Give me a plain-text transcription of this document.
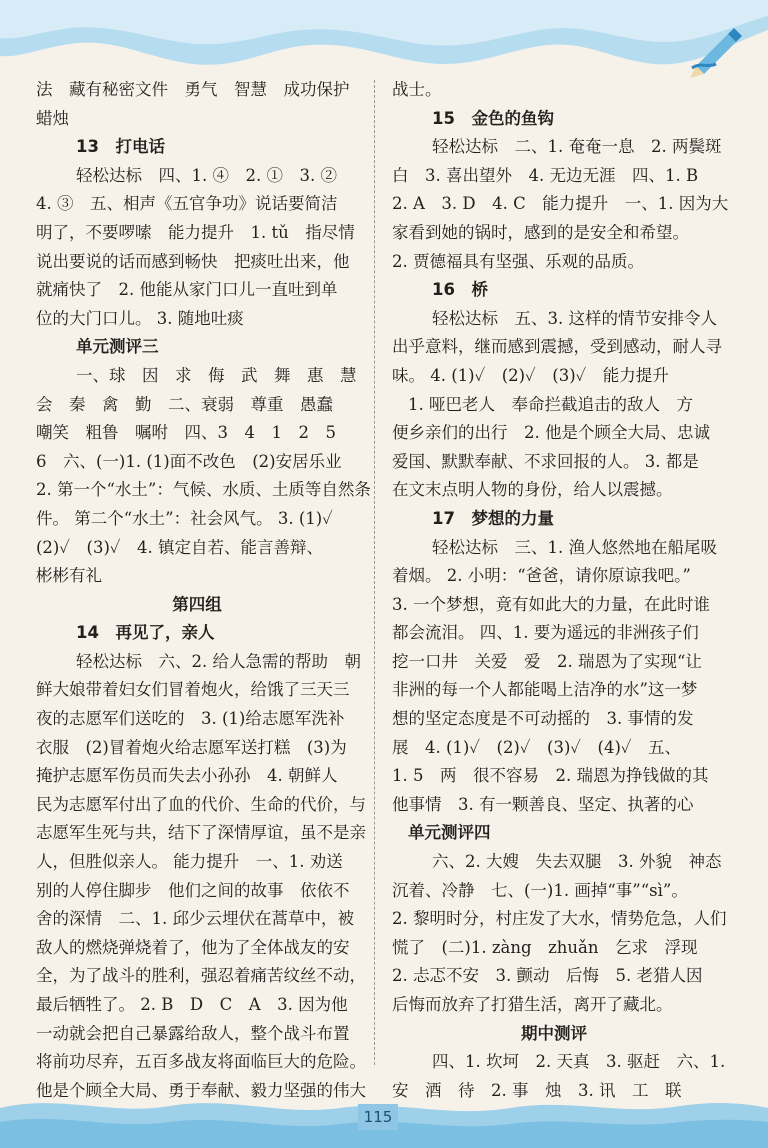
法　藏有秘密文件　勇气　智慧　成功保护

蜡烛

13　打电话

轻松达标　四、1. ④　2. ①　3. ②

4. ③　五、相声《五官争功》说话要简洁

明了，不要啰嗦　能力提升　1. tǔ　指尽情

说出要说的话而感到畅快　把痰吐出来，他

就痛快了　2. 他能从家门口儿一直吐到单

位的大门口儿。 3. 随地吐痰

单元测评三

一、球　因　求　侮　武　舞　惠　慧

会　秦　禽　勤　二、衰弱　尊重　愚蠢

嘲笑　粗鲁　嘱咐　四、3　4　1　2　5

6　六、(一)1. (1)面不改色　(2)安居乐业

2. 第一个“水土”：气候、水质、土质等自然条

件。 第二个“水土”：社会风气。 3. (1)✓

(2)✓　(3)✓　4. 镇定自若、能言善辩、

彬彬有礼

第四组

14　再见了，亲人

轻松达标　六、2. 给人急需的帮助　朝

鲜大娘带着妇女们冒着炮火，给饿了三天三

夜的志愿军们送吃的　3. (1)给志愿军洗补

衣服　(2)冒着炮火给志愿军送打糕　(3)为

掩护志愿军伤员而失去小孙孙　4. 朝鲜人

民为志愿军付出了血的代价、生命的代价，与

志愿军生死与共，结下了深情厚谊，虽不是亲

人，但胜似亲人。 能力提升　一、1. 劝送

别的人停住脚步　他们之间的故事　依依不

舍的深情　二、1. 邱少云埋伏在蒿草中，被

敌人的燃烧弹烧着了，他为了全体战友的安

全，为了战斗的胜利，强忍着痛苦纹丝不动，

最后牺牲了。 2. B　D　C　A　3. 因为他

一动就会把自己暴露给敌人，整个战斗布置

将前功尽弃，五百多战友将面临巨大的危险。

他是个顾全大局、勇于奉献、毅力坚强的伟大

战士。

15　金色的鱼钩

轻松达标　二、1. 奄奄一息　2. 两鬓斑

白　3. 喜出望外　4. 无边无涯　四、1. B

2. A　3. D　4. C　能力提升　一、1. 因为大

家看到她的锅时，感到的是安全和希望。

2. 贾德福具有坚强、乐观的品质。

16　桥

轻松达标　五、3. 这样的情节安排令人

出乎意料，继而感到震撼，受到感动，耐人寻

味。 4. (1)✓　(2)✓　(3)✓　能力提升

1. 哑巴老人　奉命拦截追击的敌人　方

便乡亲们的出行　2. 他是个顾全大局、忠诚

爱国、默默奉献、不求回报的人。 3. 都是

在文末点明人物的身份，给人以震撼。

17　梦想的力量

轻松达标　三、1. 渔人悠然地在船尾吸

着烟。 2. 小明：“爸爸，请你原谅我吧。”

3. 一个梦想，竟有如此大的力量，在此时谁

都会流泪。 四、1. 要为遥远的非洲孩子们

挖一口井　关爱　爱　2. 瑞恩为了实现“让

非洲的每一个人都能喝上洁净的水”这一梦

想的坚定态度是不可动摇的　3. 事情的发

展　4. (1)✓　(2)✓　(3)✓　(4)✓　五、

1. 5　两　很不容易　2. 瑞恩为挣钱做的其

他事情　3. 有一颗善良、坚定、执著的心

单元测评四

六、2. 大嫂　失去双腿　3. 外貌　神态

沉着、冷静　七、(一)1. 画掉“事”“sì”。

2. 黎明时分，村庄发了大水，情势危急，人们

慌了　(二)1. zàng　zhuǎn　乞求　浮现

2. 忐忑不安　3. 颤动　后悔　5. 老猎人因

后悔而放弃了打猎生活，离开了藏北。

期中测评

四、1. 坎坷　2. 天真　3. 驱赶　六、1.

安　酒　待　2. 事　烛　3. 讯　工　联

115
